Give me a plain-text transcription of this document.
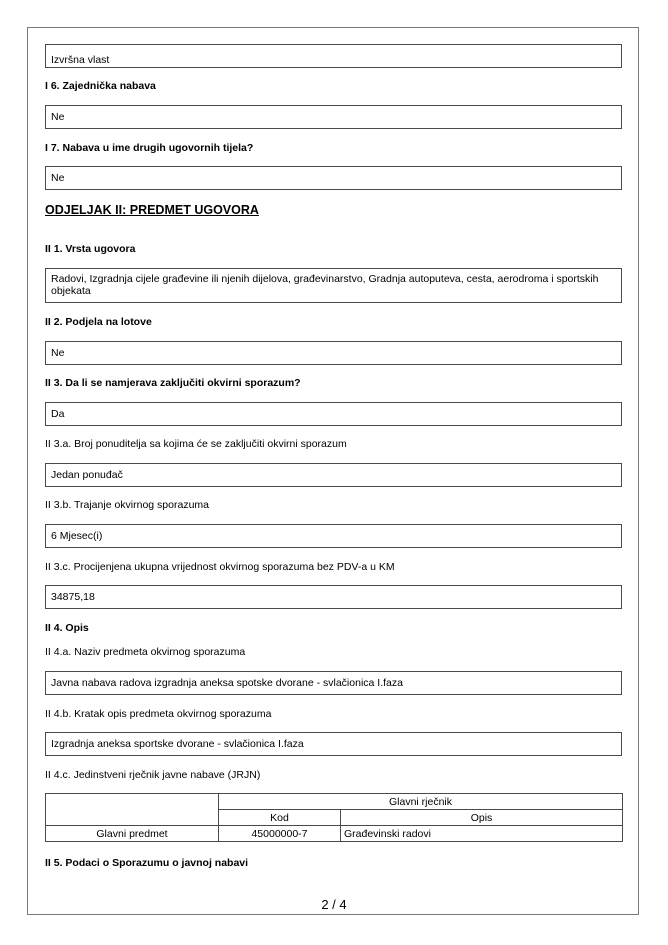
Izvršna vlast
I 6. Zajednička nabava
Ne
I 7. Nabava u ime drugih ugovornih tijela?
Ne
ODJELJAK II: PREDMET UGOVORA
II 1. Vrsta ugovora
Radovi, Izgradnja cijele građevine ili njenih dijelova, građevinarstvo, Gradnja autoputeva, cesta, aerodroma i sportskih objekata
II 2. Podjela na lotove
Ne
II 3. Da li se namjerava zaključiti okvirni sporazum?
Da
II 3.a. Broj ponuditelja sa kojima će se zaključiti okvirni sporazum
Jedan ponuđač
II 3.b. Trajanje okvirnog sporazuma
6 Mjesec(i)
II 3.c. Procijenjena ukupna vrijednost okvirnog sporazuma bez PDV-a u KM
34875,18
II 4. Opis
II 4.a. Naziv predmeta okvirnog sporazuma
Javna nabava radova izgradnja aneksa spotske dvorane - svlačionica I.faza
II 4.b. Kratak opis predmeta okvirnog sporazuma
Izgradnja aneksa sportske dvorane - svlačionica I.faza
II 4.c. Jedinstveni rječnik javne nabave (JRJN)
	Glavni rječnik	
	Kod	Opis
Glavni predmet	45000000-7	Građevinski radovi
II 5. Podaci o Sporazumu o javnoj nabavi
2 / 4
